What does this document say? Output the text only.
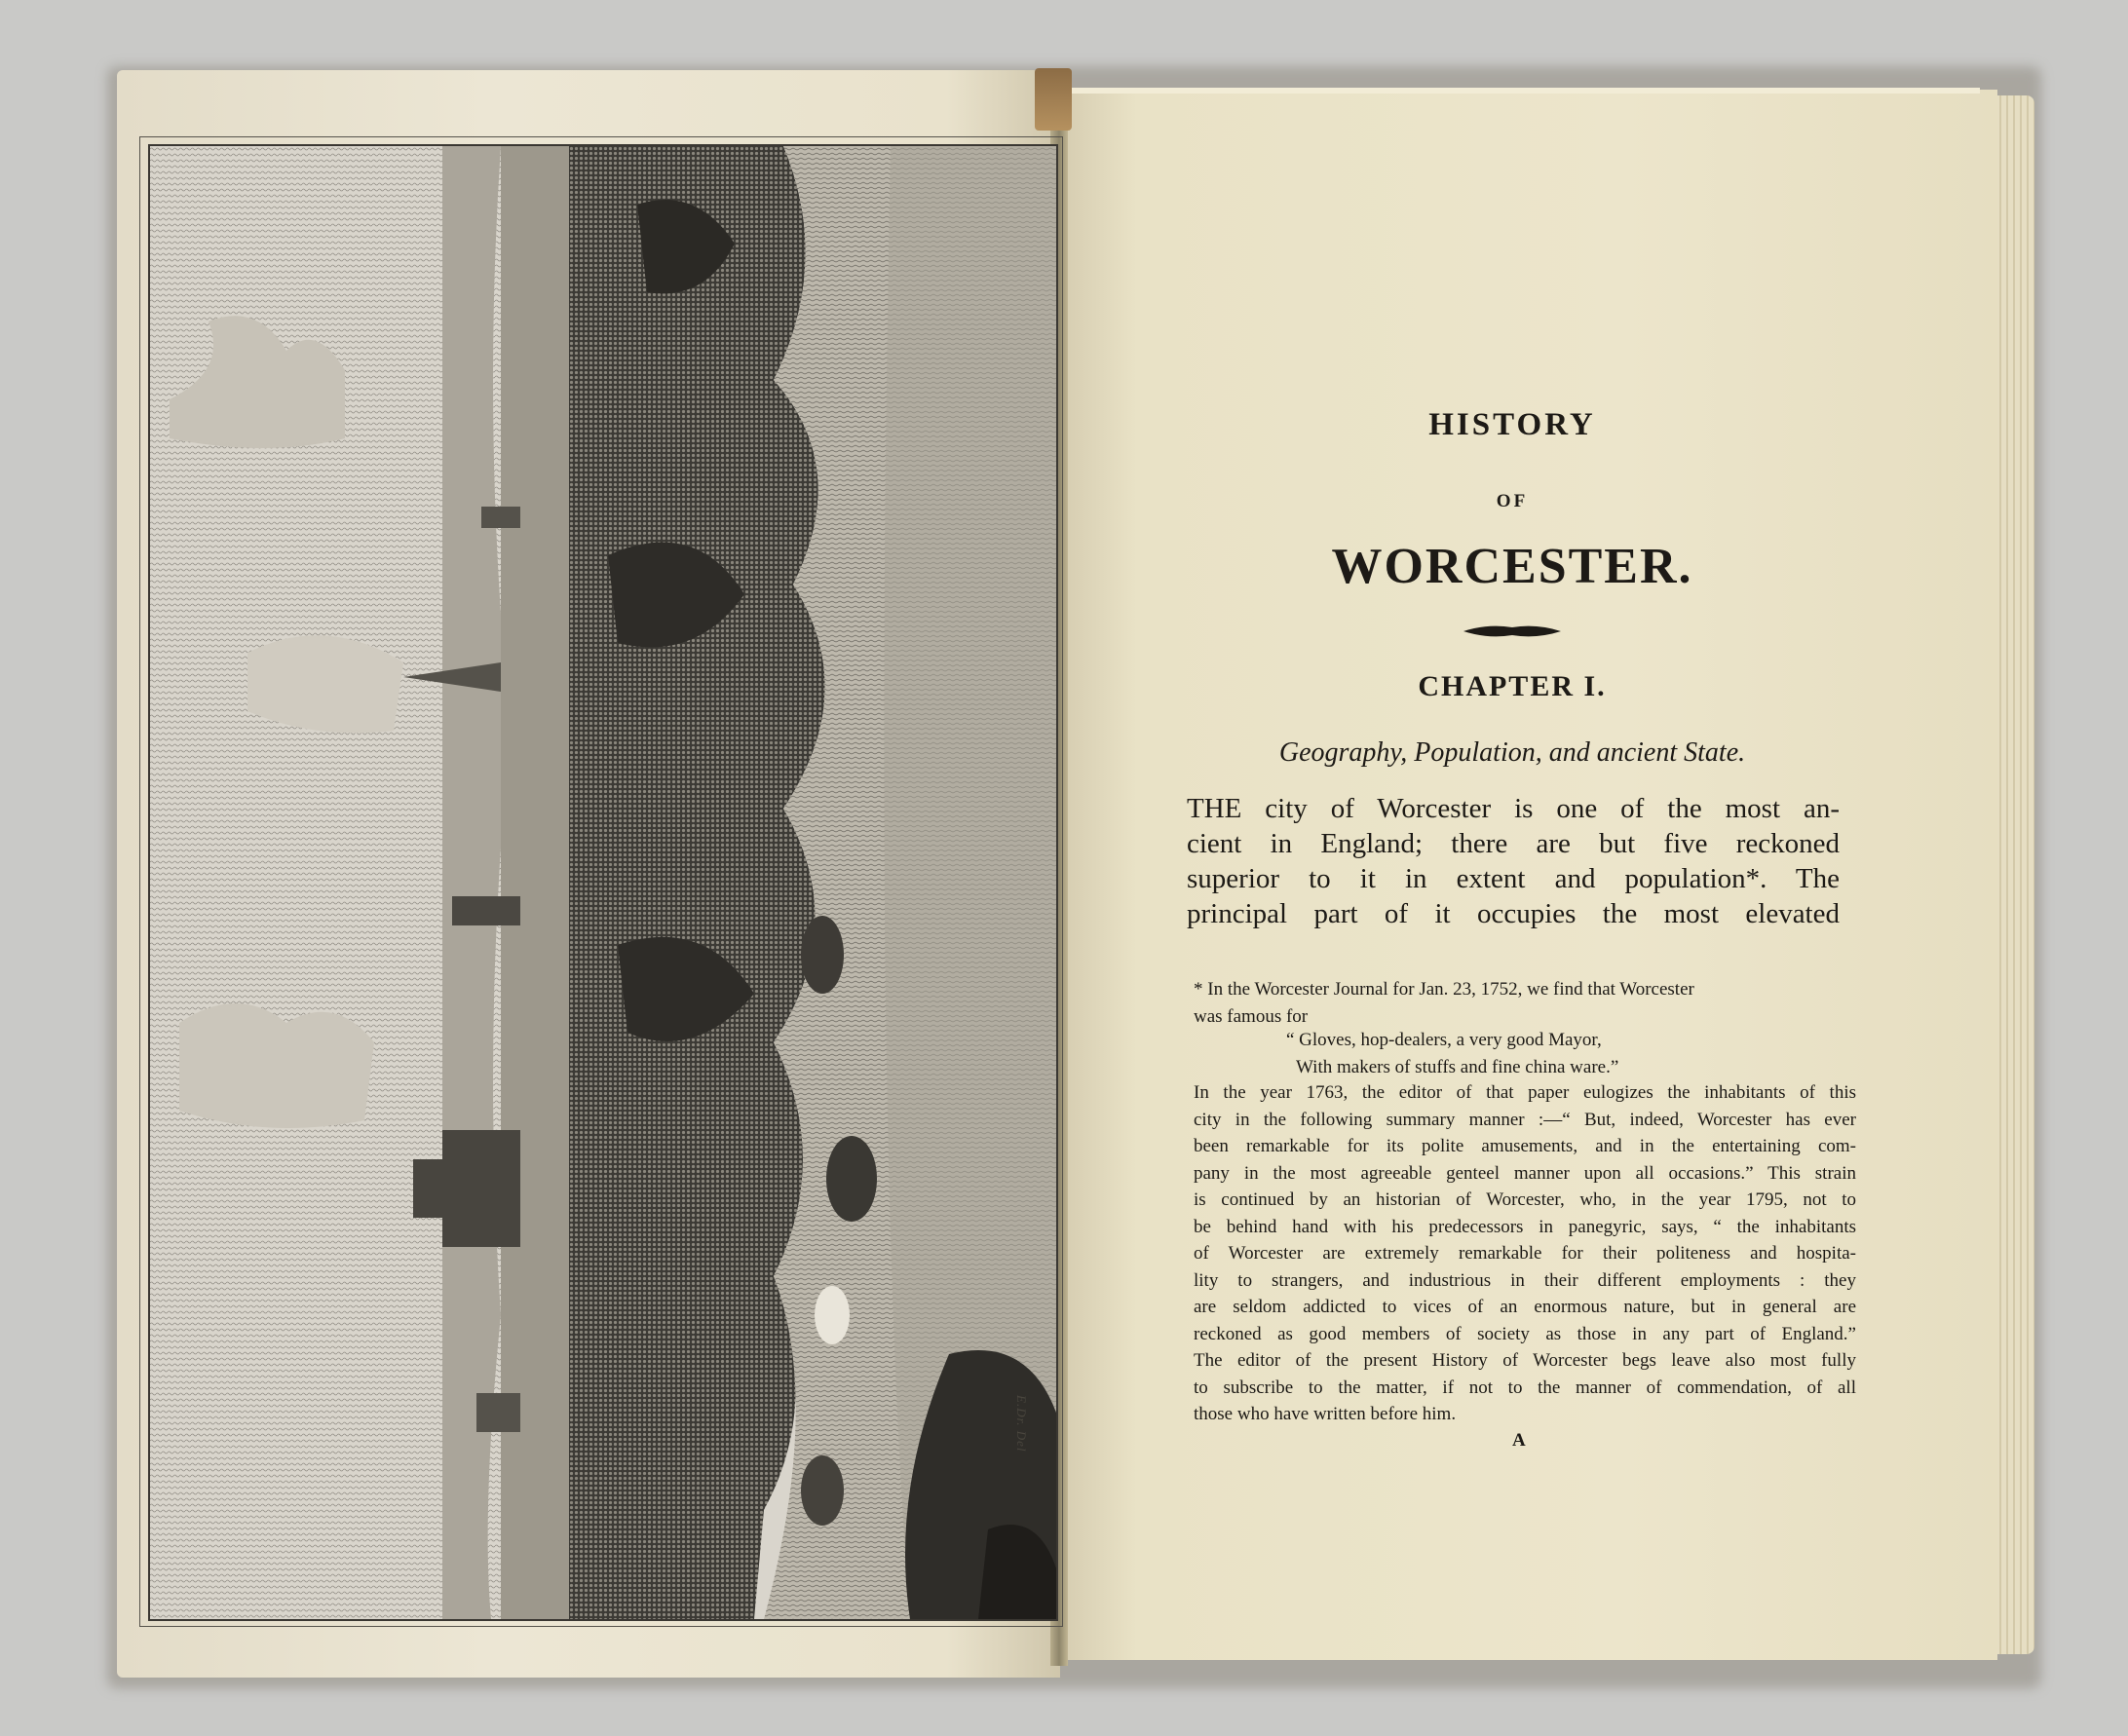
E.Dr. Del
HISTORY
OF
WORCESTER.
CHAPTER I.
Geography, Population, and ancient State.

THE city of Worcester is one of the most an-

cient in England; there are but five reckoned

superior to it in extent and population*. The

principal part of it occupies the most elevated

* In the Worcester Journal for Jan. 23, 1752, we find that Worcester
was famous for
“ Gloves, hop-dealers, a very good Mayor,
With makers of stuffs and fine china ware.”
In the year 1763, the editor of that paper eulogizes the inhabitants of this
city in the following summary manner :—“ But, indeed, Worcester has ever
been remarkable for its polite amusements, and in the entertaining com-
pany in the most agreeable genteel manner upon all occasions.” This strain
is continued by an historian of Worcester, who, in the year 1795, not to
be behind hand with his predecessors in panegyric, says, “ the inhabitants
of Worcester are extremely remarkable for their politeness and hospita-
lity to strangers, and industrious in their different employments : they
are seldom addicted to vices of an enormous nature, but in general are
reckoned as good members of society as those in any part of England.”
The editor of the present History of Worcester begs leave also most fully
to subscribe to the matter, if not to the manner of commendation, of all
those who have written before him.
A
